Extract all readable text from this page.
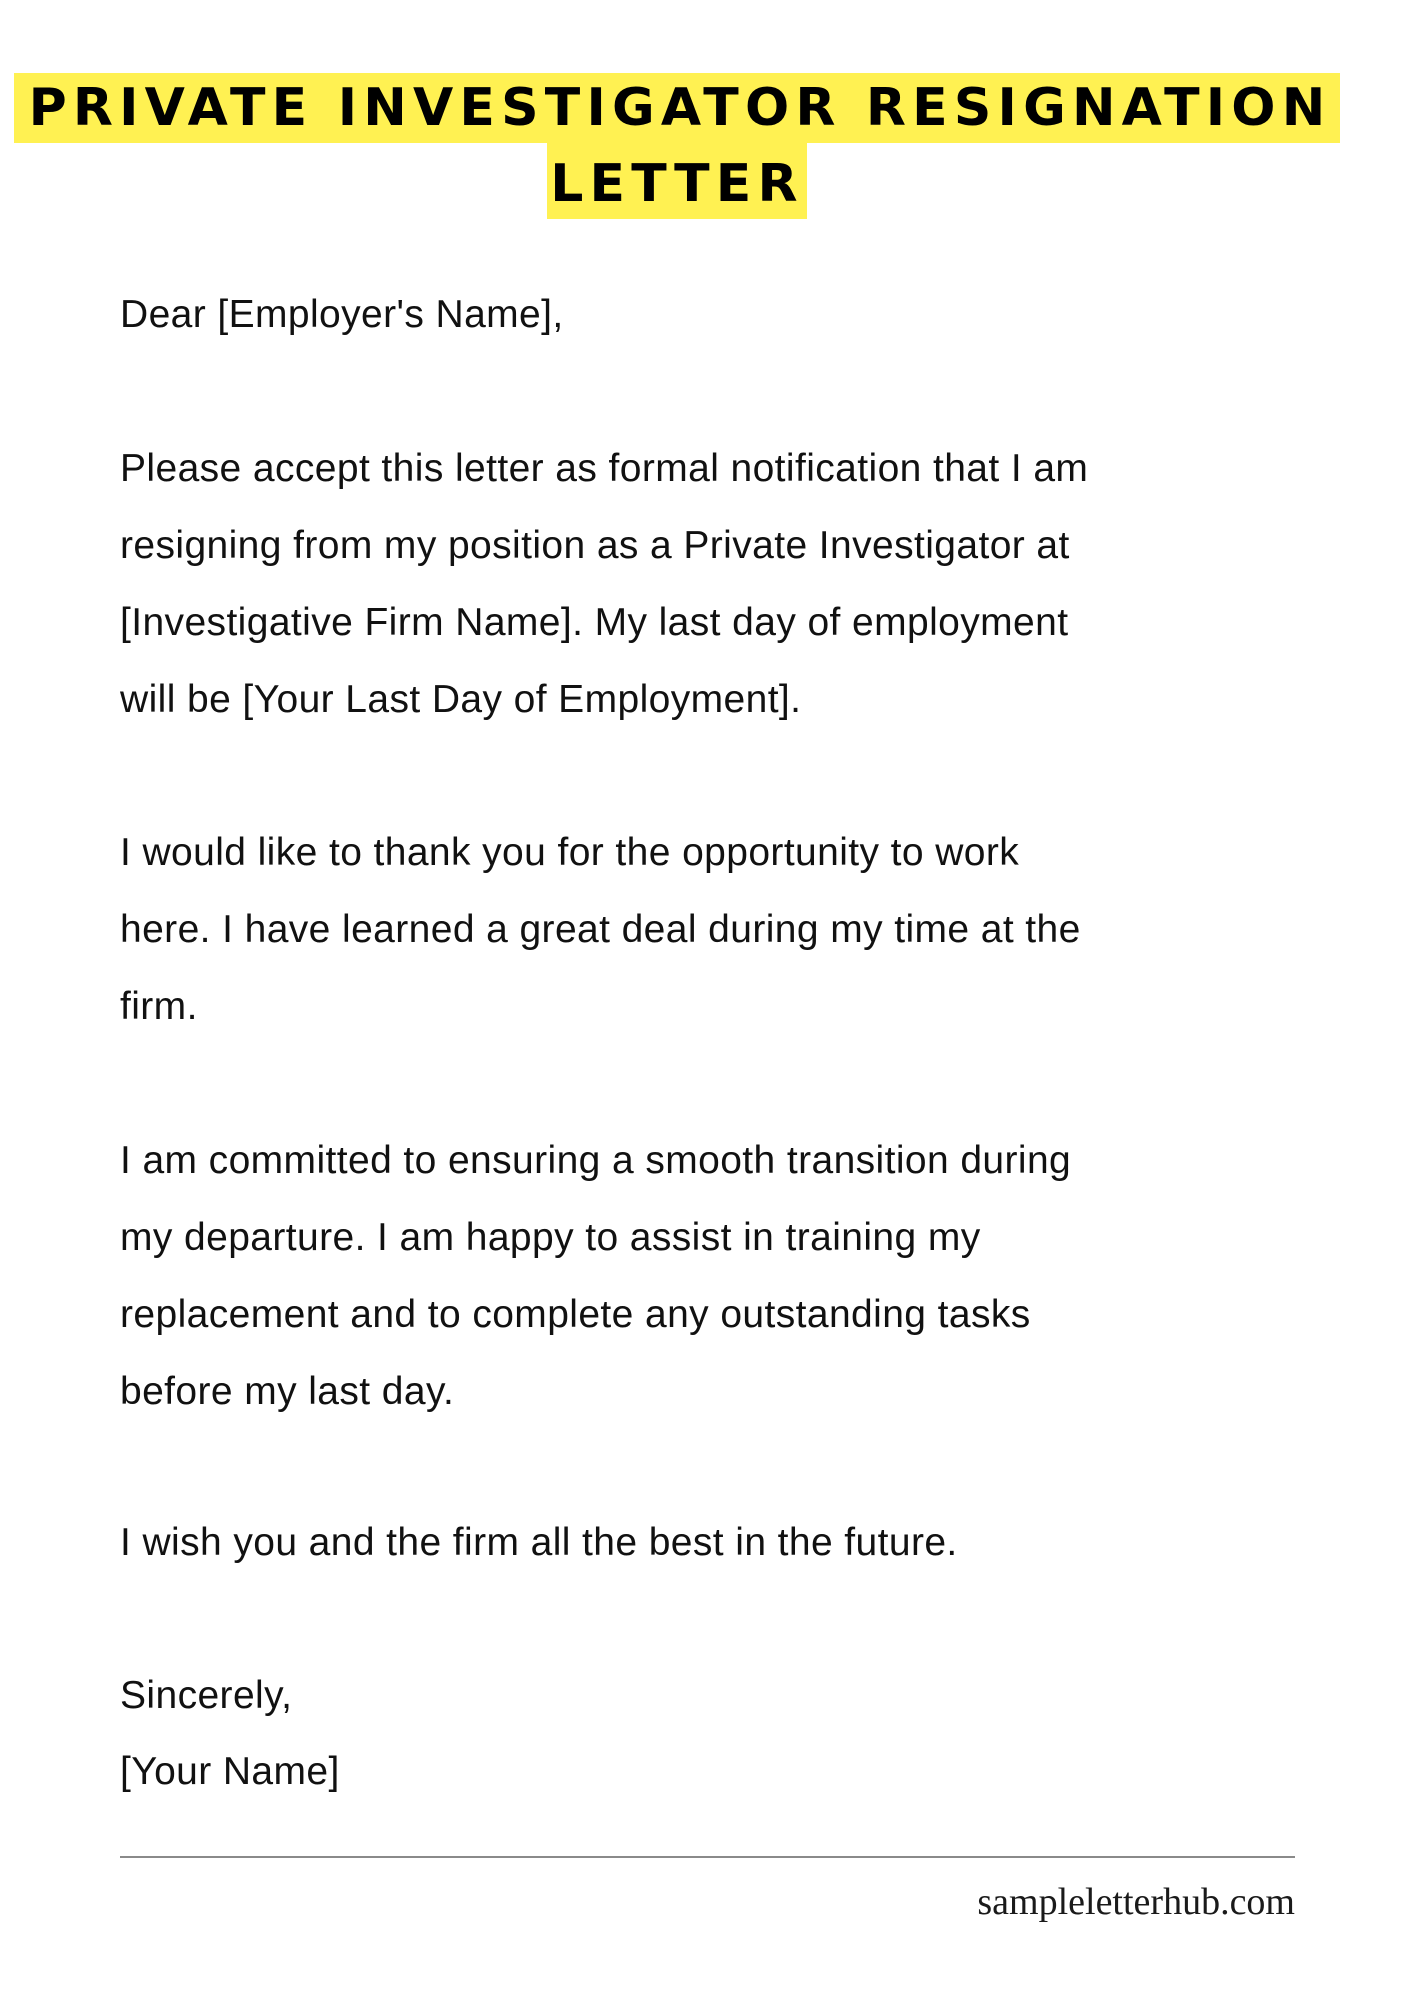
PRIVATE INVESTIGATOR RESIGNATION
LETTER
Dear [Employer's Name],
Please accept this letter as formal notification that I am
resigning from my position as a Private Investigator at
[Investigative Firm Name]. My last day of employment
will be [Your Last Day of Employment].
I would like to thank you for the opportunity to work
here. I have learned a great deal during my time at the
firm.
I am committed to ensuring a smooth transition during
my departure. I am happy to assist in training my
replacement and to complete any outstanding tasks
before my last day.
I wish you and the firm all the best in the future.
Sincerely,
[Your Name]
sampleletterhub.com
